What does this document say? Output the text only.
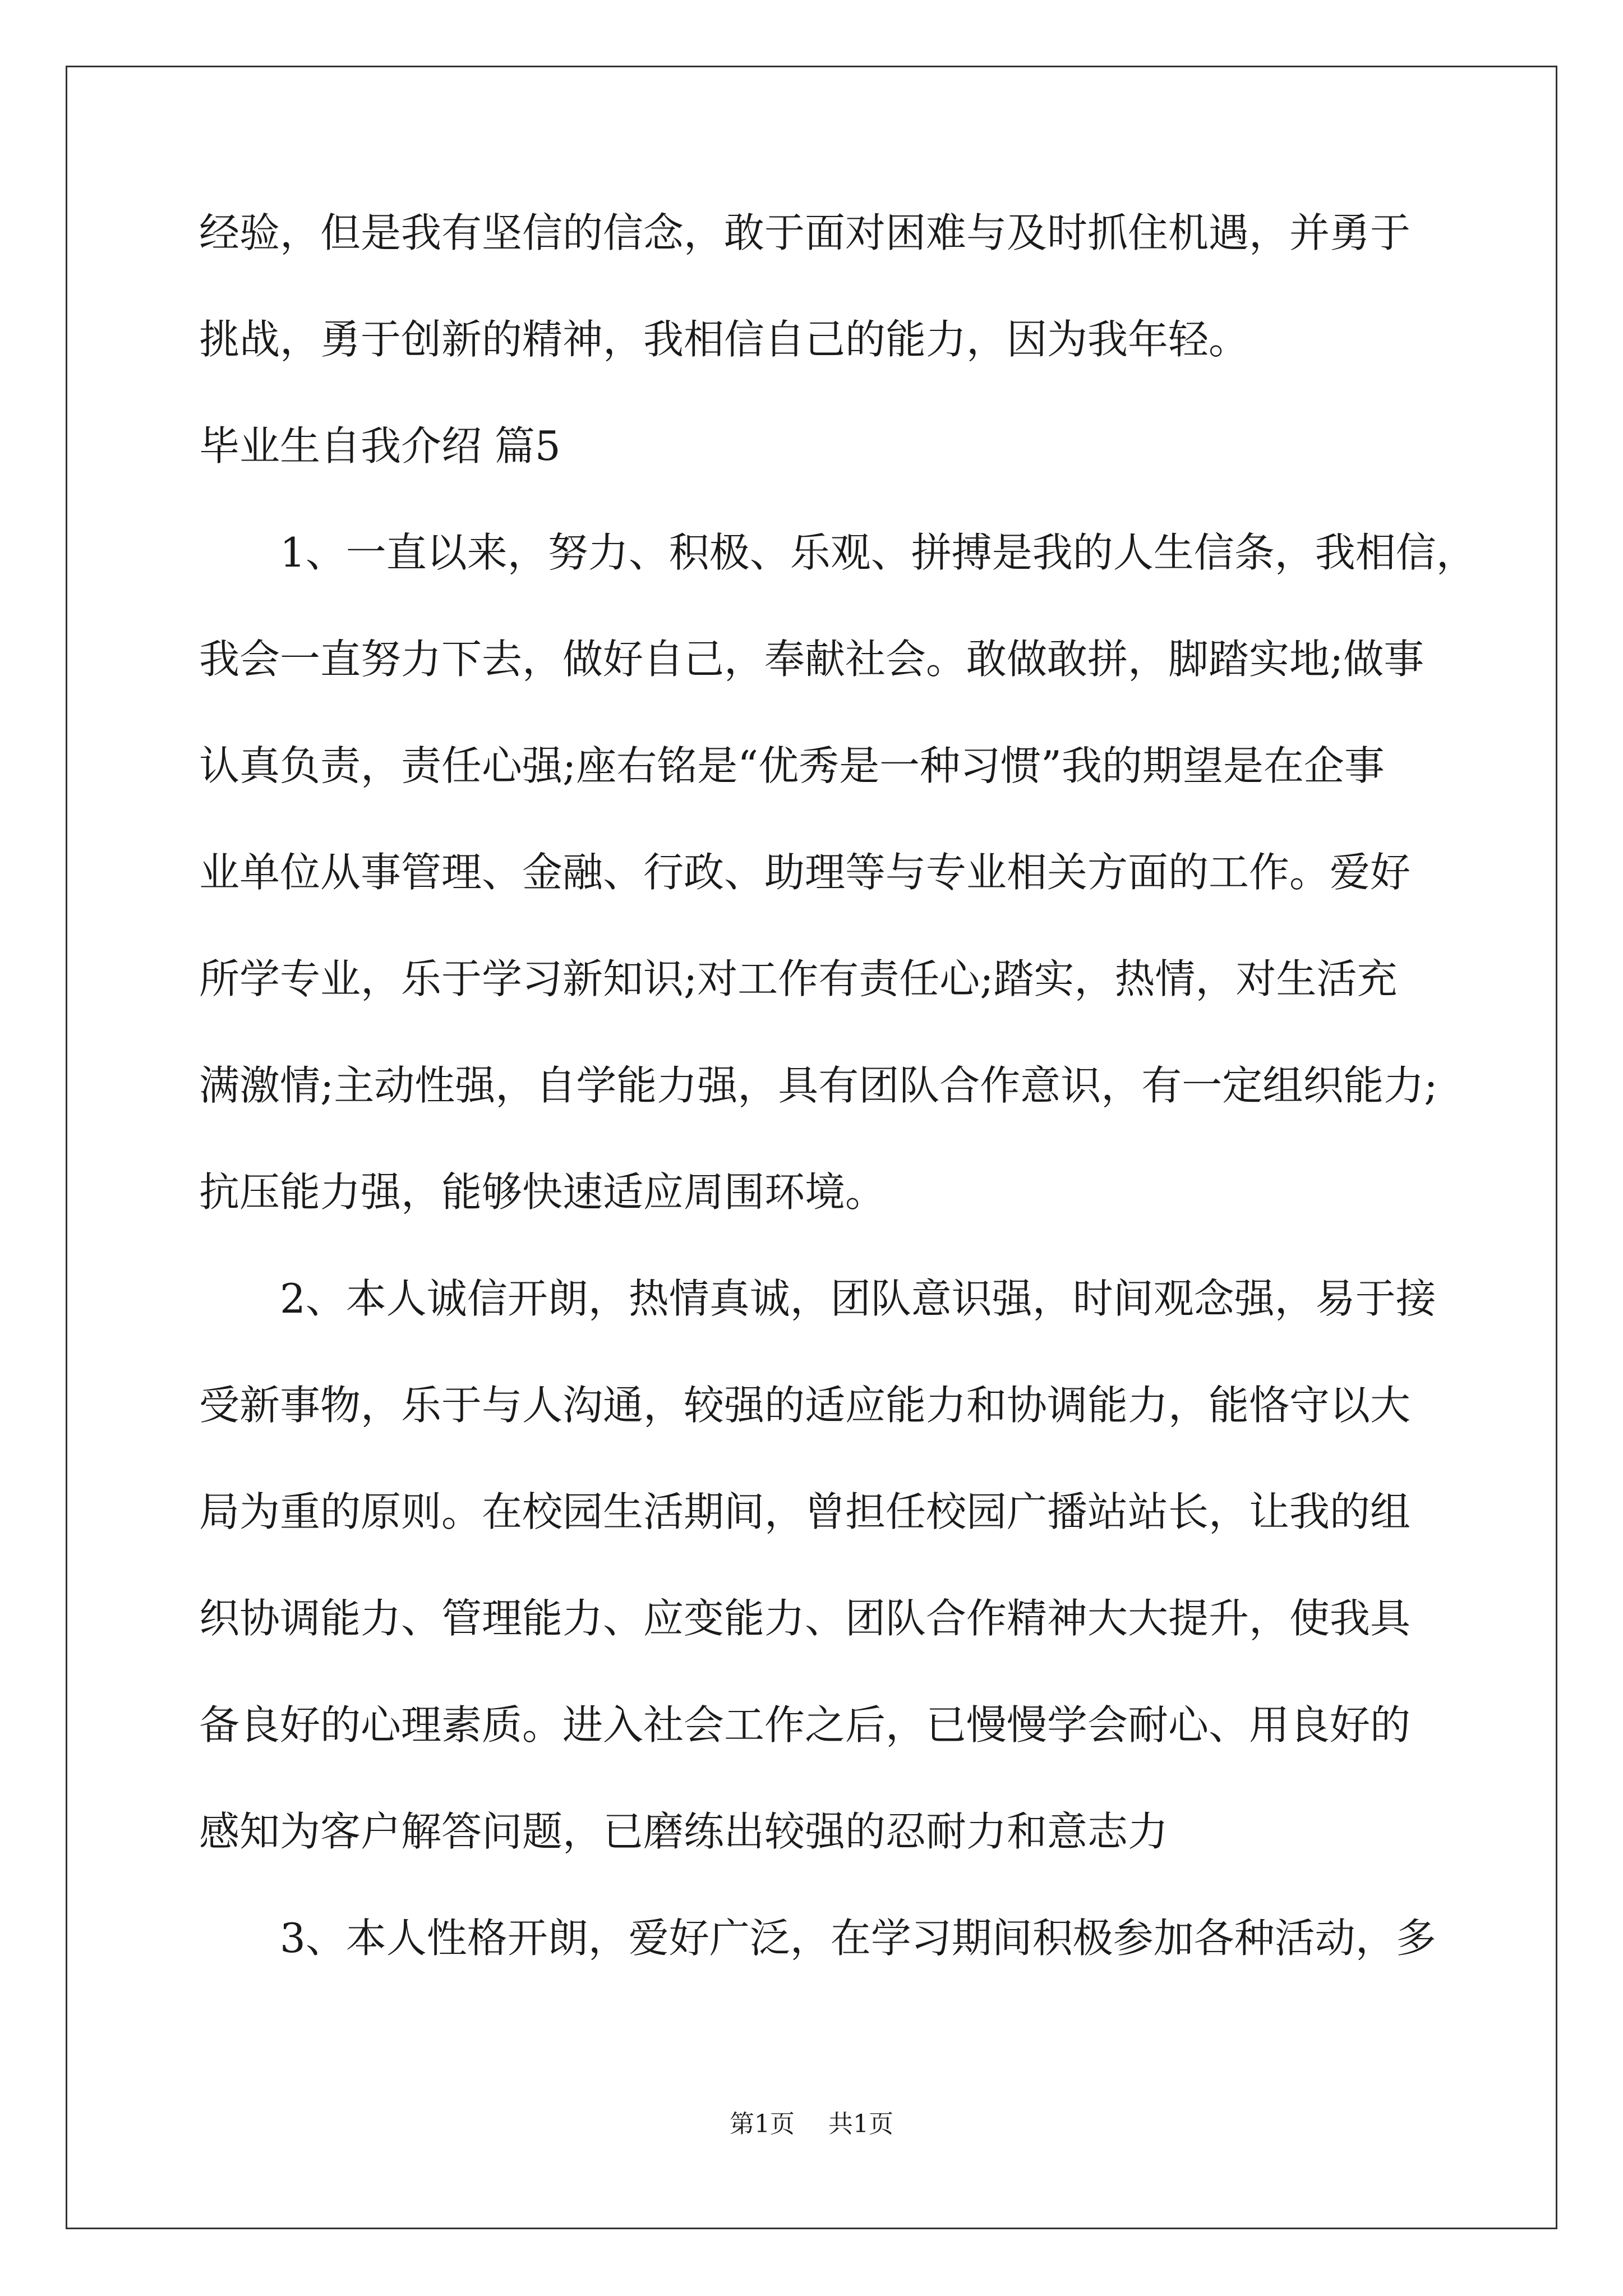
经验，但是我有坚信的信念，敢于面对困难与及时抓住机遇，并勇于
挑战，勇于创新的精神，我相信自己的能力，因为我年轻。
毕业生自我介绍 篇5
　　1、一直以来，努力、积极、乐观、拼搏是我的人生信条，我相信，
我会一直努力下去，做好自己，奉献社会。敢做敢拼，脚踏实地;做事
认真负责，责任心强;座右铭是“优秀是一种习惯”我的期望是在企事
业单位从事管理、金融、行政、助理等与专业相关方面的工作。爱好
所学专业，乐于学习新知识;对工作有责任心;踏实，热情，对生活充
满激情;主动性强，自学能力强，具有团队合作意识，有一定组织能力;
抗压能力强，能够快速适应周围环境。
　　2、本人诚信开朗，热情真诚，团队意识强，时间观念强，易于接
受新事物，乐于与人沟通，较强的适应能力和协调能力，能恪守以大
局为重的原则。在校园生活期间，曾担任校园广播站站长，让我的组
织协调能力、管理能力、应变能力、团队合作精神大大提升，使我具
备良好的心理素质。进入社会工作之后，已慢慢学会耐心、用良好的
感知为客户解答问题，已磨练出较强的忍耐力和意志力
　　3、本人性格开朗，爱好广泛，在学习期间积极参加各种活动，多
第1页 共1页
